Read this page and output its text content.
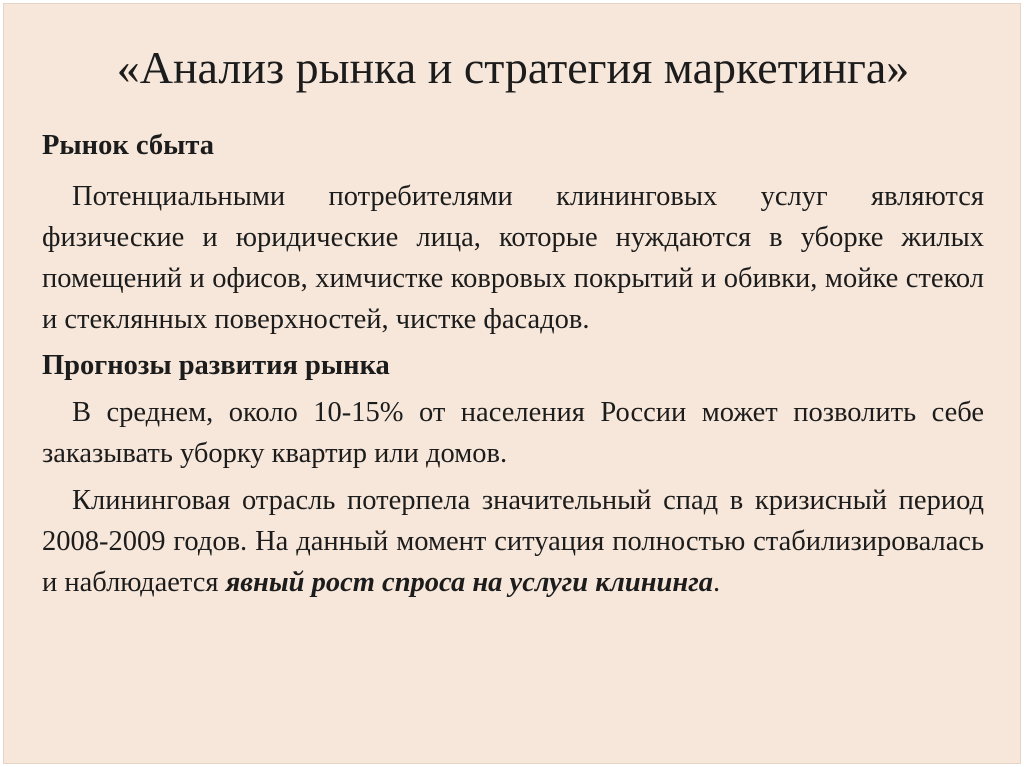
«Анализ рынка и стратегия маркетинга»

Рынок сбыта

Потенциальными потребителями клининговых услуг являются физические и юридические лица, которые нуждаются в уборке жилых помещений и офисов, химчистке ковровых покрытий и обивки, мойке стекол и стеклянных поверхностей, чистке фасадов.

Прогнозы развития рынка

В среднем, около 10-15% от населения России может позволить себе заказывать уборку квартир или домов.

Клининговая отрасль потерпела значительный спад в кризисный период 2008-2009 годов. На данный момент ситуация полностью стабилизировалась и наблюдается явный рост спроса на услуги клининга.
